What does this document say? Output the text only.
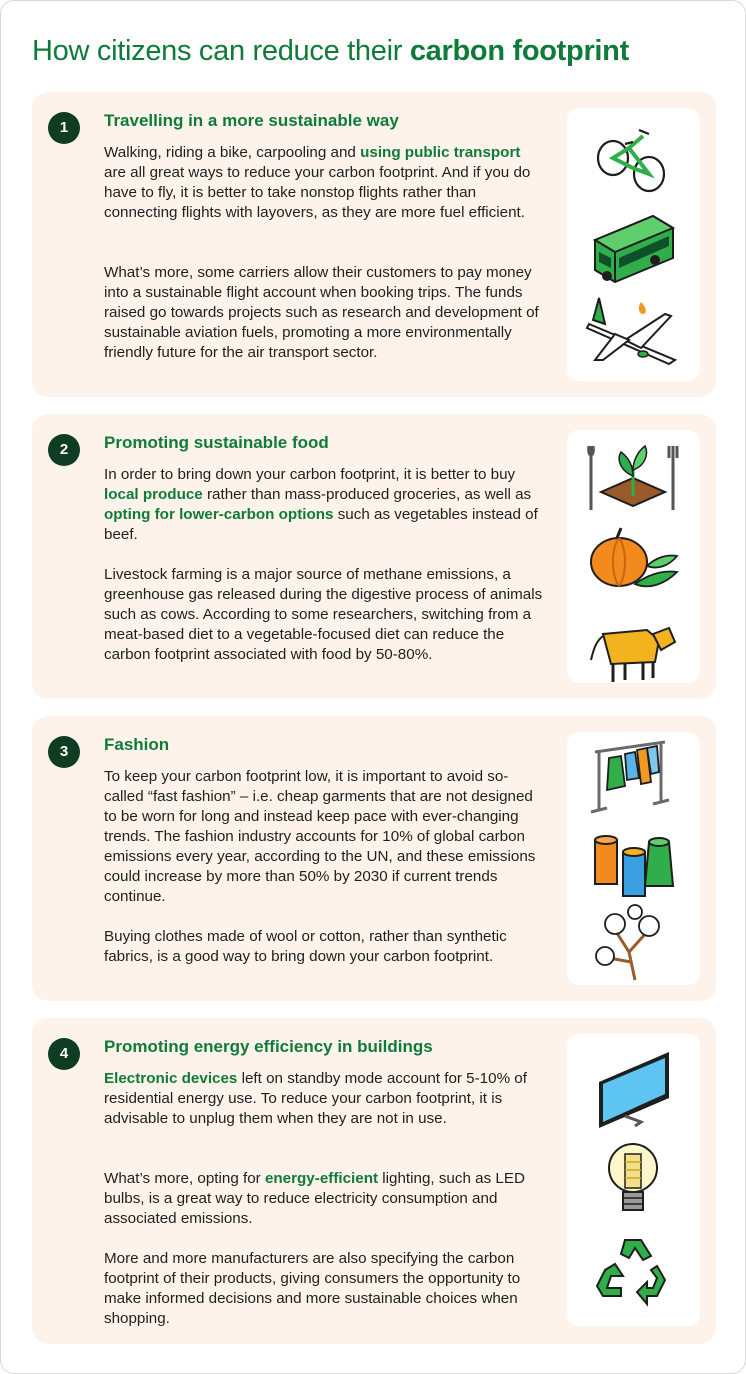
How citizens can reduce their carbon footprint
1	Travelling in a more sustainable way

Walking, riding a bike, carpooling and using public transport are all great ways to reduce your carbon footprint. And if you do have to fly, it is better to take nonstop flights rather than connecting flights with layovers, as they are more fuel efficient.

What’s more, some carriers allow their customers to pay money into a sustainable flight account when booking trips. The funds raised go towards projects such as research and development of sustainable aviation fuels, promoting a more environmentally friendly future for the air transport sector.

2	Promoting sustainable food

In order to bring down your carbon footprint, it is better to buy local produce rather than mass-produced groceries, as well as opting for lower-carbon options such as vegetables instead of beef.

Livestock farming is a major source of methane emissions, a greenhouse gas released during the digestive process of animals such as cows. According to some researchers, switching from a meat-based diet to a vegetable-focused diet can reduce the carbon footprint associated with food by 50-80%.

3	Fashion

To keep your carbon footprint low, it is important to avoid so-called “fast fashion” – i.e. cheap garments that are not designed to be worn for long and instead keep pace with ever-changing trends. The fashion industry accounts for 10% of global carbon emissions every year, according to the UN, and these emissions could increase by more than 50% by 2030 if current trends continue.

Buying clothes made of wool or cotton, rather than synthetic fabrics, is a good way to bring down your carbon footprint.

4	Promoting energy efficiency in buildings

Electronic devices left on standby mode account for 5-10% of residential energy use. To reduce your carbon footprint, it is advisable to unplug them when they are not in use.

What’s more, opting for energy-efficient lighting, such as LED bulbs, is a great way to reduce electricity consumption and associated emissions.

More and more manufacturers are also specifying the carbon footprint of their products, giving consumers the opportunity to make informed decisions and more sustainable choices when shopping.
